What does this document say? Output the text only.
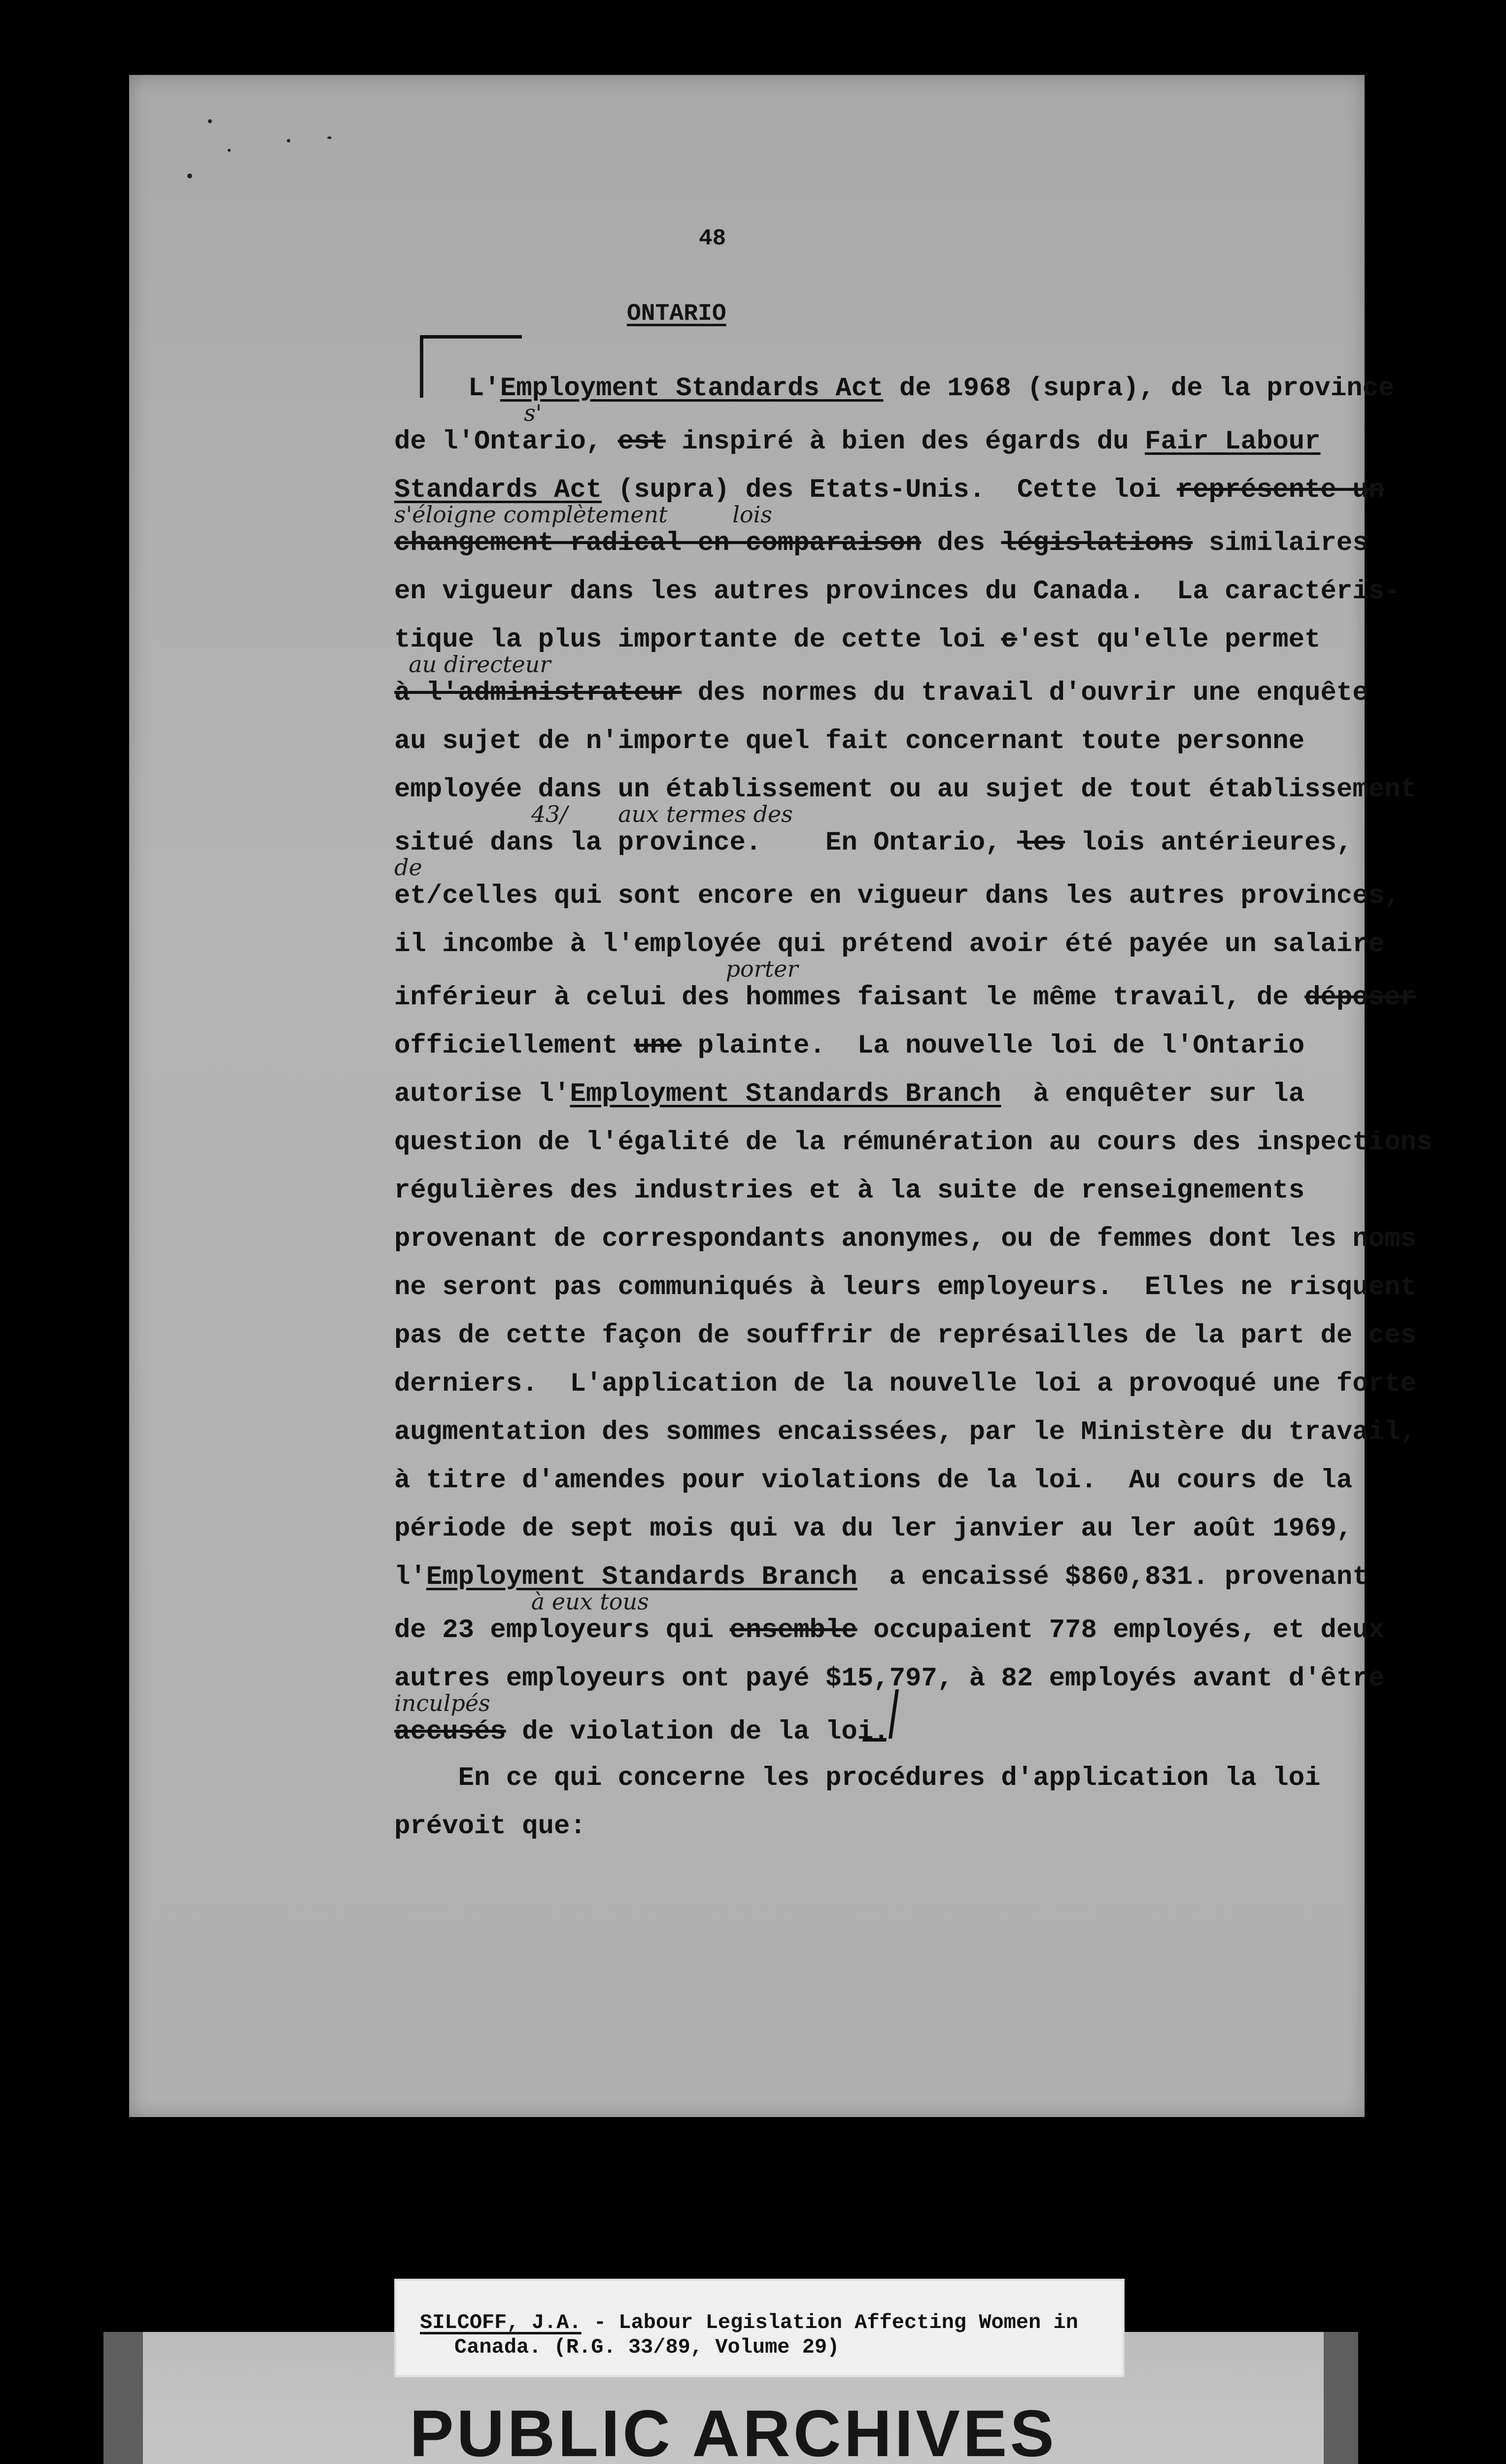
48
ONTARIO
L'Employment Standards Act de 1968 (supra), de la province
s'
de l'Ontario, est inspiré à bien des égards du Fair Labour
Standards Act (supra) des Etats-Unis.  Cette loi représente un
s'éloigne complètement         lois
changement radical en comparaison des législations similaires
en vigueur dans les autres provinces du Canada.  La caractéris-
tique la plus importante de cette loi c'est qu'elle permet
au directeur
à l'administrateur des normes du travail d'ouvrir une enquête
au sujet de n'importe quel fait concernant toute personne
employée dans un établissement ou au sujet de tout établissement
43/       aux termes des
situé dans la province.    En Ontario, les lois antérieures,
de
et/celles qui sont encore en vigueur dans les autres provinces,
il incombe à l'employée qui prétend avoir été payée un salaire
porter
inférieur à celui des hommes faisant le même travail, de déposer
officiellement une plainte.  La nouvelle loi de l'Ontario
autorise l'Employment Standards Branch  à enquêter sur la
question de l'égalité de la rémunération au cours des inspections
régulières des industries et à la suite de renseignements
provenant de correspondants anonymes, ou de femmes dont les noms
ne seront pas communiqués à leurs employeurs.  Elles ne risquent
pas de cette façon de souffrir de représailles de la part de ces
derniers.  L'application de la nouvelle loi a provoqué une forte
augmentation des sommes encaissées, par le Ministère du travail,
à titre d'amendes pour violations de la loi.  Au cours de la
période de sept mois qui va du ler janvier au ler août 1969,
l'Employment Standards Branch  a encaissé $860,831. provenant
à eux tous
de 23 employeurs qui ensemble occupaient 778 employés, et deux
autres employeurs ont payé $15,797, à 82 employés avant d'être
inculpés
accusés de violation de la loi.
En ce qui concerne les procédures d'application la loi
prévoit que:
SILCOFF, J.A. - Labour Legislation Affecting Women in
Canada. (R.G. 33/89, Volume 29)
PUBLIC ARCHIVES
